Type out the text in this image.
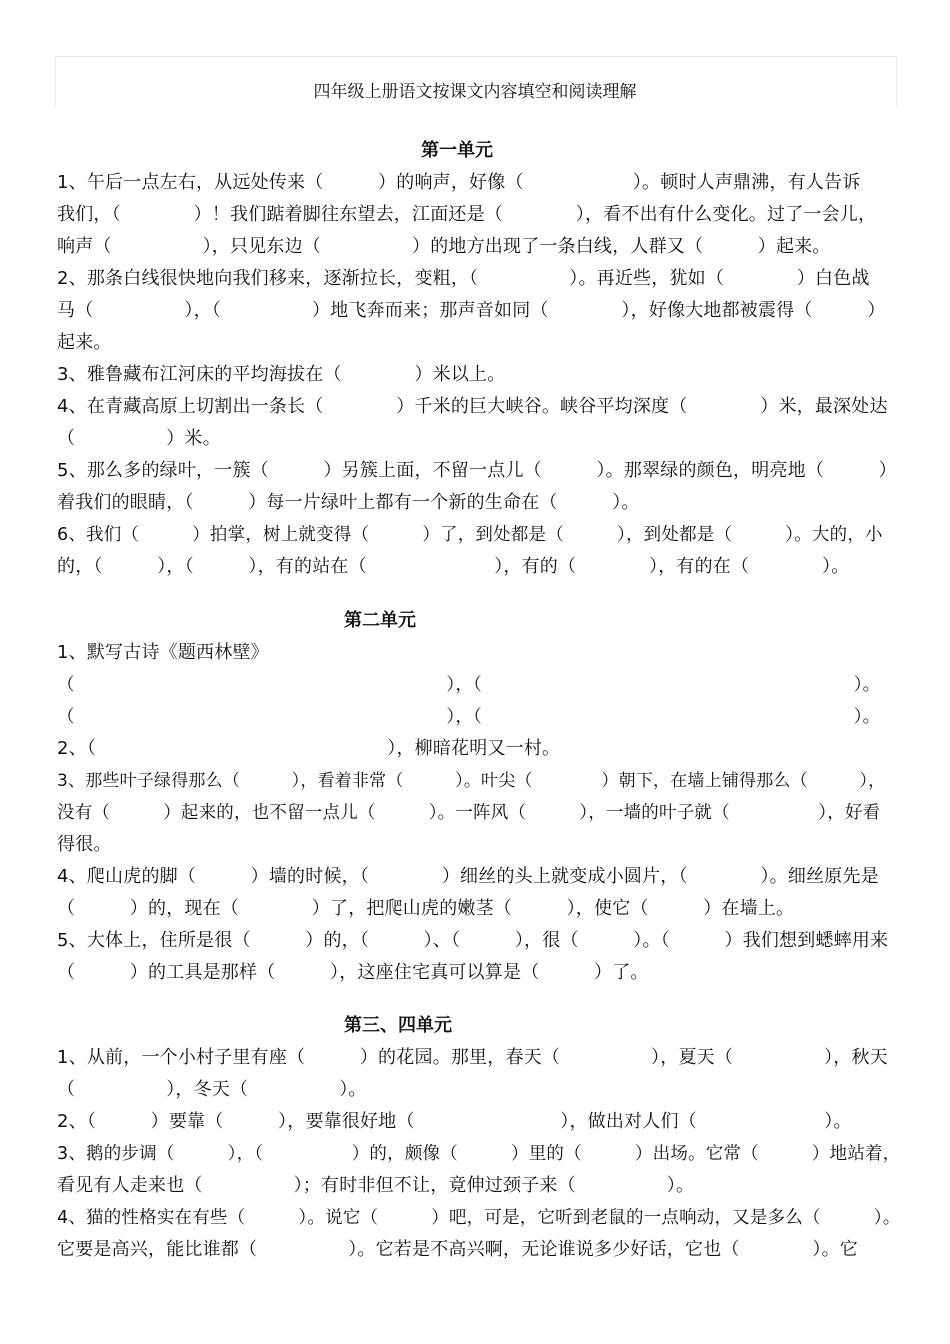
四年级上册语文按课文内容填空和阅读理解
第一单元
1、午后一点左右，从远处传来（　　　）的响声，好像（　　　　　　）。顿时人声鼎沸，有人告诉
我们，（　　　　）！我们踮着脚往东望去，江面还是（　　　　），看不出有什么变化。过了一会儿，
响声（　　　　　），只见东边（　　　　　）的地方出现了一条白线，人群又（　　　）起来。
2、那条白线很快地向我们移来，逐渐拉长，变粗，（　　　　　）。再近些，犹如（　　　　）白色战
马（　　　　　），（　　　　　）地飞奔而来；那声音如同（　　　　），好像大地都被震得（　　　）
起来。
3、雅鲁藏布江河床的平均海拔在（　　　　）米以上。
4、在青藏高原上切割出一条长（　　　　）千米的巨大峡谷。峡谷平均深度（　　　　）米，最深处达
（　　　　　）米。
5、那么多的绿叶，一簇（　　　）另簇上面，不留一点儿（　　　）。那翠绿的颜色，明亮地（　　　）
着我们的眼睛，（　　　）每一片绿叶上都有一个新的生命在（　　　）。
6、我们（　　　）拍掌，树上就变得（　　　）了，到处都是（　　　），到处都是（　　　）。大的，小
的，（　　　），（　　　），有的站在（　　　　　　　），有的（　　　　），有的在（　　　　）。
第二单元
1、默写古诗《题西林壁》
（　　　　　　　　　　　　　　　　　　　　　），（　　　　　　　　　　　　　　　　　　　　　）。
（　　　　　　　　　　　　　　　　　　　　　），（　　　　　　　　　　　　　　　　　　　　　）。
2、（　　　　　　　　　　　　　　　　），柳暗花明又一村。
3、那些叶子绿得那么（　　　），看着非常（　　　）。叶尖（　　　　）朝下，在墙上铺得那么（　　　），
没有（　　　）起来的，也不留一点儿（　　　）。一阵风（　　　），一墙的叶子就（　　　　　），好看
得很。
4、爬山虎的脚（　　　）墙的时候，（　　　　）细丝的头上就变成小圆片，（　　　　）。细丝原先是
（　　　）的，现在（　　　　）了，把爬山虎的嫩茎（　　　），使它（　　　）在墙上。
5、大体上，住所是很（　　　）的，（　　　）、（　　　），很（　　　）。（　　　）我们想到蟋蟀用来
（　　　）的工具是那样（　　　），这座住宅真可以算是（　　　）了。
第三、四单元
1、从前，一个小村子里有座（　　　）的花园。那里，春天（　　　　　），夏天（　　　　　），秋天
（　　　　　），冬天（　　　　　）。
2、（　　　）要靠（　　　），要靠很好地（　　　　　　　　），做出对人们（　　　　　　　）。
3、鹅的步调（　　　），（　　　　　）的，颇像（　　　）里的（　　　）出场。它常（　　　）地站着，
看见有人走来也（　　　　　）；有时非但不让，竟伸过颈子来（　　　　　）。
4、猫的性格实在有些（　　　）。说它（　　　）吧，可是，它听到老鼠的一点响动，又是多么（　　　）。
它要是高兴，能比谁都（　　　　　）。它若是不高兴啊，无论谁说多少好话，它也（　　　　）。它
